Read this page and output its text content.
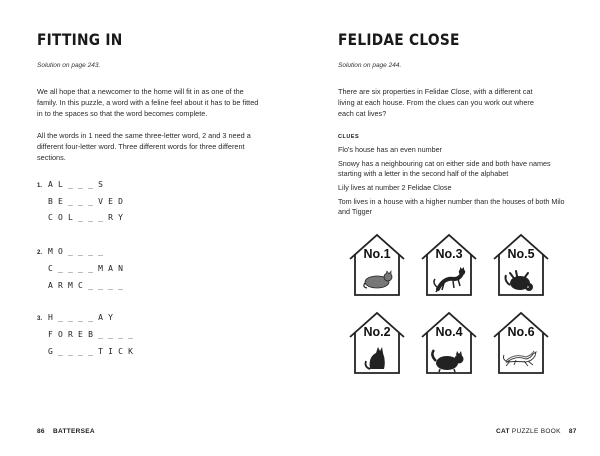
FITTING IN
Solution on page 243.
We all hope that a newcomer to the home will fit in as one of the family. In this puzzle, a word with a feline feel about it has to be fitted in to the spaces so that the word becomes complete.
All the words in 1 need the same three-letter word, 2 and 3 need a different four-letter word. Three different words for three different sections.
1. AL___S
BE___VED
COL___RY
2. MO____
C____MAN
ARMC____
3. H____AY
FOREB____
G____TICK
86 BATTERSEA
FELIDAE CLOSE
Solution on page 244.
There are six properties in Felidae Close, with a different cat living at each house. From the clues can you work out where each cat lives?
CLUES
Flo's house has an even number
Snowy has a neighbouring cat on either side and both have names starting with a letter in the second half of the alphabet
Lily lives at number 2 Felidae Close
Tom lives in a house with a higher number than the houses of both Milo and Tigger
No.1	No.3	No.5
No.2	No.4	No.6
CAT PUZZLE BOOK 87
